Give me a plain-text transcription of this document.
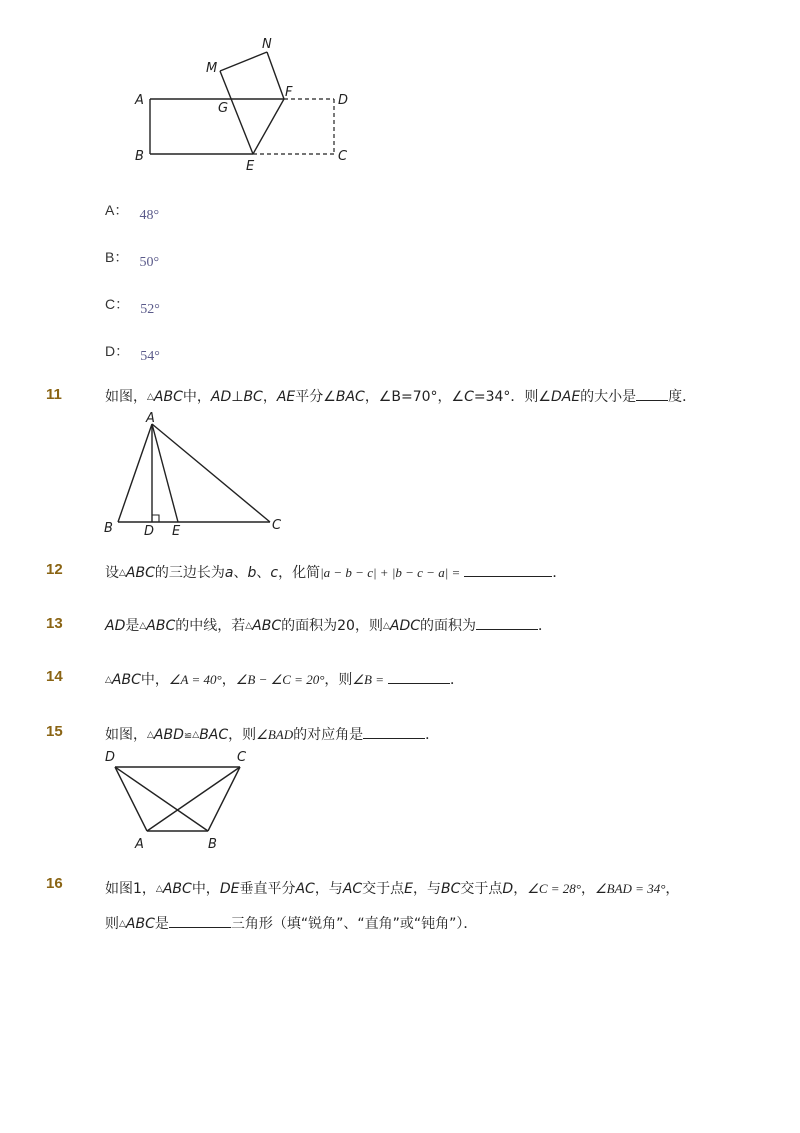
N
M
A
G
F
D
B
E
C
A： 48°
B： 50°
C： 52°
D： 54°
11	如图，△ABC中，AD⊥BC，AE平分∠BAC，∠B=70°，∠C=34°．则∠DAE的大小是 度．
A
B D E	C
12	设△ABC的三边长为a、b、c，化简|a − b − c| + |b − c − a| =	．
13	AD是△ABC的中线，若△ABC的面积为20，则△ADC的面积为	．
14	△ABC中，∠A = 40°，∠B − ∠C = 20°，则∠B =	．
15	如图，△ABD≌△BAC，则∠BAD的对应角是	．
D	C
A	B
16	如图1，△ABC中，DE垂直平分AC，与AC交于点E，与BC交于点D，∠C = 28°，∠BAD = 34°，
则△ABC是	三角形（填“锐角”、“直角”或“钝角”）．
